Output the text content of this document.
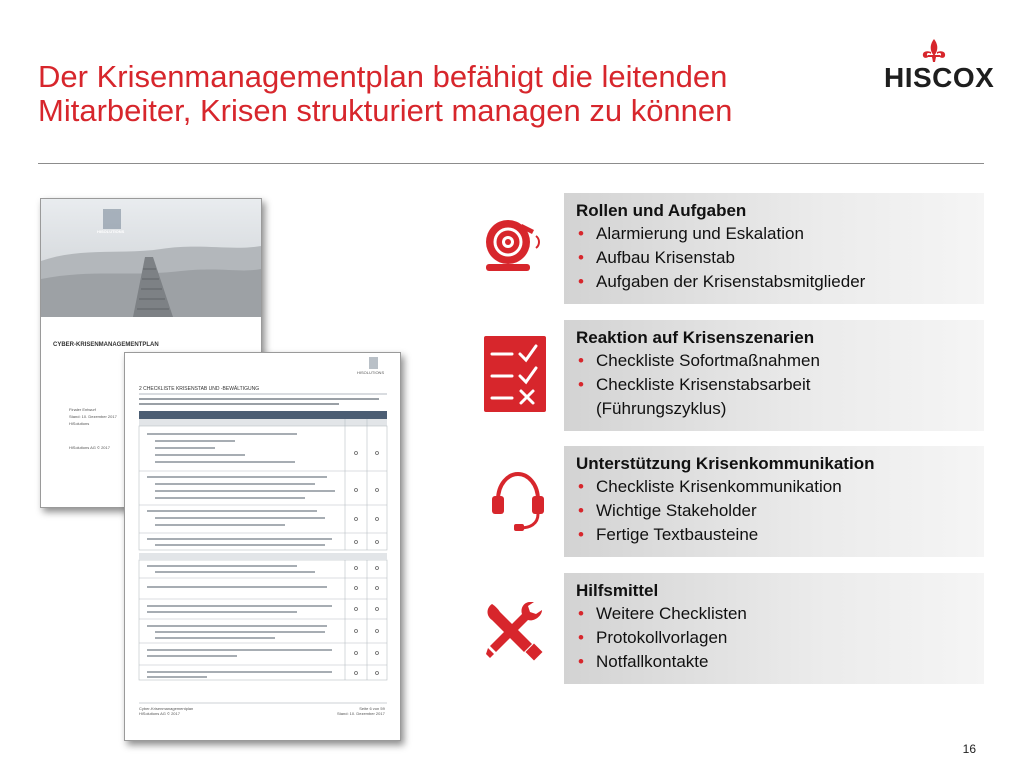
Der Krisenmanagementplan befähigt die leitenden
Mitarbeiter, Krisen strukturiert managen zu können
HISCOX
HISOLUTIONS
CYBER-KRISENMANAGEMENTPLAN
Finaler Entwurf
Stand: 10. Dezember 2017
HiSolutions
HiSolutions AG © 2017
HISOLUTIONS
2 CHECKLISTE KRISENSTAB UND -BEWÄLTIGUNG
Cyber-Krisenmanagementplan
HiSolutions AG © 2017
Seite 6 von 59
Stand: 10. Dezember 2017
Rollen und Aufgaben
• Alarmierung und Eskalation
• Aufbau Krisenstab
• Aufgaben der Krisenstabsmitglieder
Reaktion auf Krisenszenarien
• Checkliste Sofortmaßnahmen
• Checkliste Krisenstabsarbeit (Führungszyklus)
Unterstützung Krisenkommunikation
• Checkliste Krisenkommunikation
• Wichtige Stakeholder
• Fertige Textbausteine
Hilfsmittel
• Weitere Checklisten
• Protokollvorlagen
• Notfallkontakte
16
